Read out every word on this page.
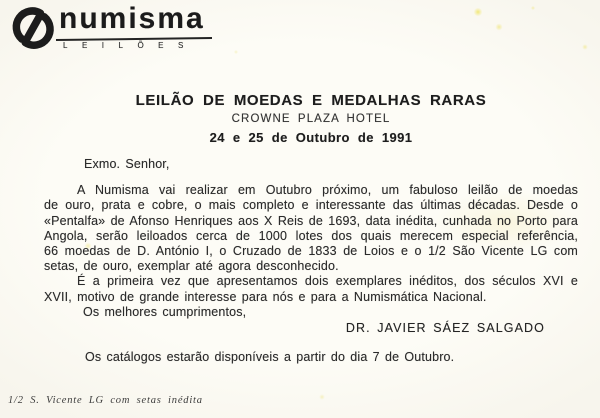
numisma
LEILÕES
LEILÃO DE MOEDAS E MEDALHAS RARAS
CROWNE PLAZA HOTEL
24 e 25 de Outubro de 1991
Exmo. Senhor,
A Numisma vai realizar em Outubro próximo, um fabuloso leilão de moedas
de ouro, prata e cobre, o mais completo e interessante das últimas décadas. Desde o
«Pentalfa» de Afonso Henriques aos X Reis de 1693, data inédita, cunhada no Porto para
Angola, serão leiloados cerca de 1000 lotes dos quais merecem especial referência,
66 moedas de D. António I, o Cruzado de 1833 de Loios e o 1/2 São Vicente LG com
setas, de ouro, exemplar até agora desconhecido.
É a primeira vez que apresentamos dois exemplares inéditos, dos séculos XVI e
XVII, motivo de grande interesse para nós e para a Numismática Nacional.
Os melhores cumprimentos,
DR. JAVIER SÁEZ SALGADO
Os catálogos estarão disponíveis a partir do dia 7 de Outubro.
1/2 S. Vicente LG com setas inédita
